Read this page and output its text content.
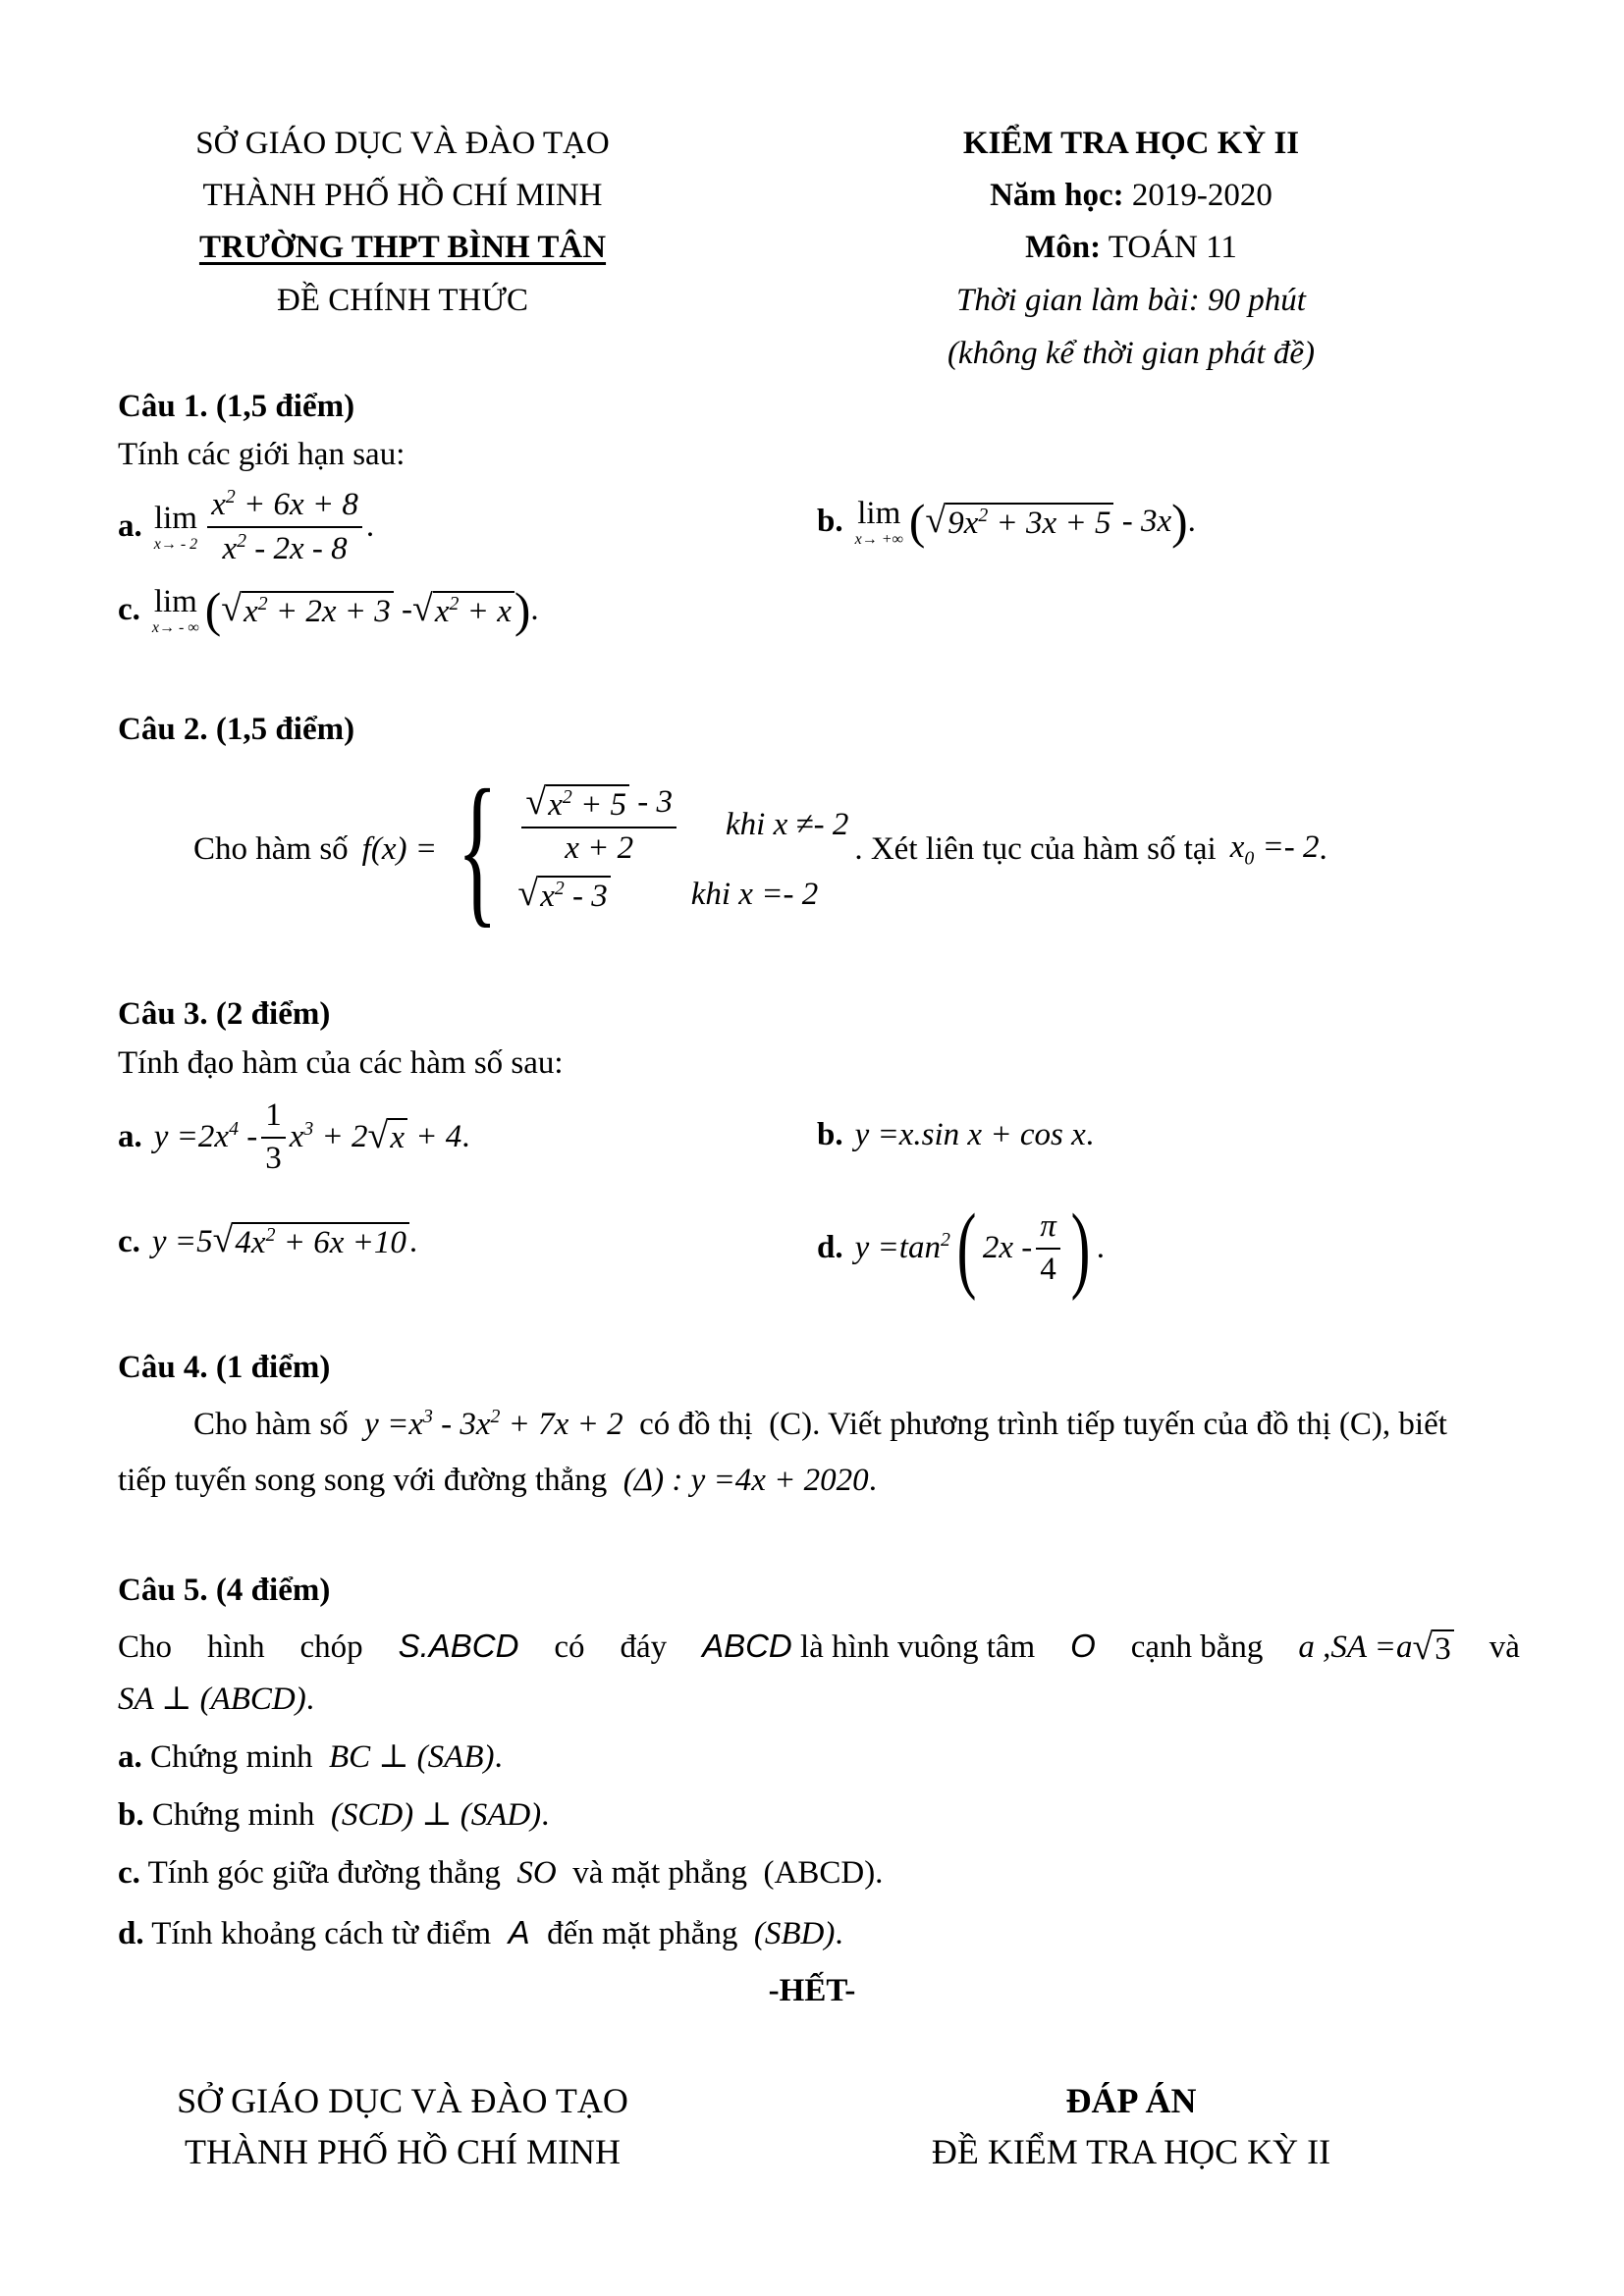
SỞ GIÁO DỤC VÀ ĐÀO TẠO
THÀNH PHỐ HỒ CHÍ MINH
TRƯỜNG THPT BÌNH TÂN
ĐỀ CHÍNH THỨC
KIỂM TRA HỌC KỲ II
Năm học: 2019-2020
Môn: TOÁN 11
Thời gian làm bài: 90 phút
(không kể thời gian phát đề)
Câu 1. (1,5 điểm)
Tính các giới hạn sau:
a. lim
$x\to - 2 \frac{x^2 + 6x + 8}{x^2 - 2x - 8}$ .	b. lim
x→ +∞ ( √ $9x^2 + 3x + 5 - 3x$ ) .
c. lim
x→ - ∞ ( √ $x^2 + 2x + 3$ - √ $x^2 + x$ ) .
Câu 2. (1,5 điểm)
Cho hàm số f(x) = { $\frac{√ x^2 + 5 - 3}{x + 2}$ khi x ≠- 2
√ $x^2 - 3$	khi x =- 2
. Xét liên tục của hàm số tại $x_0 =- 2$ .
Câu 3. (2 điểm)
Tính đạo hàm của các hàm số sau:
a. $y =2x^4 - \frac{1}{3} x^3 + 2$ √ x + 4 .	b. y =x.sin x + cos x .
c. y =5 √ $4x^2 + 6x +10$ .	d. $y =\tan^2$ ( $2x - \frac{\pi}{4}$ ) .
Câu 4. (1 điểm)
Cho hàm số  $y =x^3 - 3x^2 + 7x + 2$  có đồ thị  (C). Viết phương trình tiếp tuyến của đồ thị (C), biết
tiếp tuyến song song với đường thẳng  (Δ) : y =4x + 2020.
Câu 5. (4 điểm)
Cho hình chóp S.ABCD có đáy ABCD là hình vuông tâm O cạnh bằng a ,SA =a √ 3 và
SA ⊥ (ABCD).
a. Chứng minh  BC ⊥ (SAB).
b. Chứng minh  (SCD) ⊥ (SAD).
c. Tính góc giữa đường thẳng  SO  và mặt phẳng  (ABCD).
d. Tính khoảng cách từ điểm  A  đến mặt phẳng  (SBD).
-HẾT-
SỞ GIÁO DỤC VÀ ĐÀO TẠO
THÀNH PHỐ HỒ CHÍ MINH
ĐÁP ÁN
ĐỀ KIỂM TRA HỌC KỲ II
